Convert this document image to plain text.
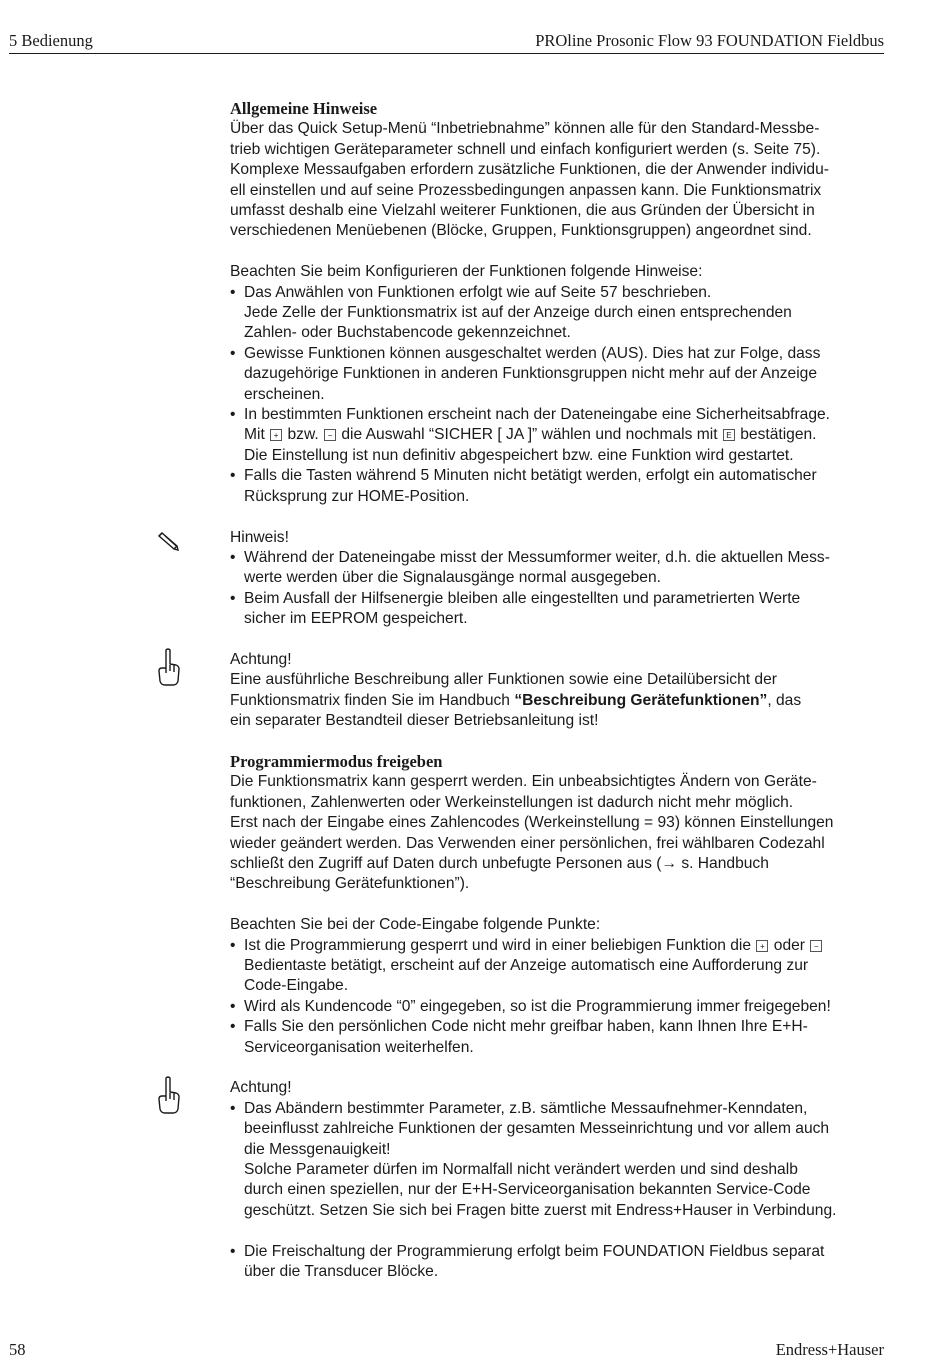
5 Bedienung	PROline Prosonic Flow 93 FOUNDATION Fieldbus
Allgemeine Hinweise
Über das Quick Setup-Menü “Inbetriebnahme” können alle für den Standard-Messbe-
trieb wichtigen Geräteparameter schnell und einfach konfiguriert werden (s. Seite 75).
Komplexe Messaufgaben erfordern zusätzliche Funktionen, die der Anwender individu-
ell einstellen und auf seine Prozessbedingungen anpassen kann. Die Funktionsmatrix
umfasst deshalb eine Vielzahl weiterer Funktionen, die aus Gründen der Übersicht in
verschiedenen Menüebenen (Blöcke, Gruppen, Funktionsgruppen) angeordnet sind.
Beachten Sie beim Konfigurieren der Funktionen folgende Hinweise:
• Das Anwählen von Funktionen erfolgt wie auf Seite 57 beschrieben.
Jede Zelle der Funktionsmatrix ist auf der Anzeige durch einen entsprechenden
Zahlen- oder Buchstabencode gekennzeichnet.
• Gewisse Funktionen können ausgeschaltet werden (AUS). Dies hat zur Folge, dass
dazugehörige Funktionen in anderen Funktionsgruppen nicht mehr auf der Anzeige
erscheinen.
• In bestimmten Funktionen erscheint nach der Dateneingabe eine Sicherheitsabfrage.
Mit + bzw. − die Auswahl “SICHER [ JA ]” wählen und nochmals mit E bestätigen.
Die Einstellung ist nun definitiv abgespeichert bzw. eine Funktion wird gestartet.
• Falls die Tasten während 5 Minuten nicht betätigt werden, erfolgt ein automatischer
Rücksprung zur HOME-Position.
Hinweis!
• Während der Dateneingabe misst der Messumformer weiter, d.h. die aktuellen Mess-
werte werden über die Signalausgänge normal ausgegeben.
• Beim Ausfall der Hilfsenergie bleiben alle eingestellten und parametrierten Werte
sicher im EEPROM gespeichert.
Achtung!
Eine ausführliche Beschreibung aller Funktionen sowie eine Detailübersicht der
Funktionsmatrix finden Sie im Handbuch “Beschreibung Gerätefunktionen”, das
ein separater Bestandteil dieser Betriebsanleitung ist!
Programmiermodus freigeben
Die Funktionsmatrix kann gesperrt werden. Ein unbeabsichtigtes Ändern von Geräte-
funktionen, Zahlenwerten oder Werkeinstellungen ist dadurch nicht mehr möglich.
Erst nach der Eingabe eines Zahlencodes (Werkeinstellung = 93) können Einstellungen
wieder geändert werden. Das Verwenden einer persönlichen, frei wählbaren Codezahl
schließt den Zugriff auf Daten durch unbefugte Personen aus (→ s. Handbuch
“Beschreibung Gerätefunktionen”).
Beachten Sie bei der Code-Eingabe folgende Punkte:
• Ist die Programmierung gesperrt und wird in einer beliebigen Funktion die + oder −
Bedientaste betätigt, erscheint auf der Anzeige automatisch eine Aufforderung zur
Code-Eingabe.
• Wird als Kundencode “0” eingegeben, so ist die Programmierung immer freigegeben!
• Falls Sie den persönlichen Code nicht mehr greifbar haben, kann Ihnen Ihre E+H-
Serviceorganisation weiterhelfen.
Achtung!
• Das Abändern bestimmter Parameter, z.B. sämtliche Messaufnehmer-Kenndaten,
beeinflusst zahlreiche Funktionen der gesamten Messeinrichtung und vor allem auch
die Messgenauigkeit!
Solche Parameter dürfen im Normalfall nicht verändert werden und sind deshalb
durch einen speziellen, nur der E+H-Serviceorganisation bekannten Service-Code
geschützt. Setzen Sie sich bei Fragen bitte zuerst mit Endress+Hauser in Verbindung.
• Die Freischaltung der Programmierung erfolgt beim FOUNDATION Fieldbus separat
über die Transducer Blöcke.
58	Endress+Hauser
